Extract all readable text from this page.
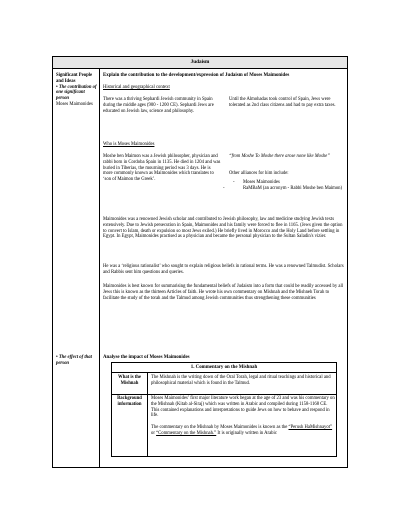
Judaism
Significant People and Ideas
• The contribution of one significant person
Moses Maimonides
• The effect of that person
Explain the contribution to the development/expression of Judaism of Moses Maimonides
Historical and geographical context
There was a thriving Sephardi Jewish community in Spain during the middle ages (900 - 1200 CE). Sephardi Jews are educated on Jewish law, science and philosophy.
Until the Almohadas took control of Spain, Jews were tolerated as 2nd class citizens and had to pay extra taxes.
Who is Moses Maimonides
Moshe ben Maimon was a Jewish philosopher, physician and rabbi born in Cordoba Spain in 1135. He died in 1204 and was buried in Tiberias, the mourning period was 3 days. He is more commonly known as Maimonides which translates to ‘son of Maimon the Greek’.
“from Moshe To Moshe there arose none like Moshe”
Other alliances for him include:
- Moses Maimonides
-	RaMBaM (an acronym - Rabbi Moshe ben Maimon)
Maimonides was a renowned Jewish scholar and contributed to Jewish philosophy, law and medicine studying Jewish texts extensively. Due to Jewish persecution in Spain, Maimonides and his family were forced to flee in 1165. (Jews given the option to convert to Islam, death or expulsion so most Jews exiled.) He briefly lived in Morocco and the Holy Land before settling in Egypt. In Egypt, Maimonides practised as a physician and became the personal physician to the Sultan Saladin's vizier.
He was a ‘religious rationalist’ who sought to explain religious beliefs in rational terms. He was a renowned Talmudist. Scholars and Rabbis sent him questions and queries.
Maimonides is best known for summarising the fundamental beliefs of Judaism into a form that could be readily accessed by all Jews this is known as the thirteen Articles of faith. He wrote his own commentary on Mishnah and the Mishneh Torah to facilitate the study of the torah and the Talmud among Jewish communities thus strengthening these communities
Analyse the impact of Moses Maimonides
1. Commentary on the Mishnah
What is the Mishnah
The Mishnah is the writing down of the Oral Torah, legal and ritual teachings and historical and philosophical material which is found in the Talmud.
Background information
Moses Maimonides’ first major literature work began at the age of 23 and was his commentary on the Mishnah (Kitab al-Siraj) which was written in Arabic and compiled during 1158-1168 CE. This contained explanations and interpretations to guide Jews on how to behave and respond in life.
The commentary on the Mishnah by Moses Maimonides is known as the “Perush HaMishnayot” or “Commentary on the Mishnah.” It is originally written in Arabic
